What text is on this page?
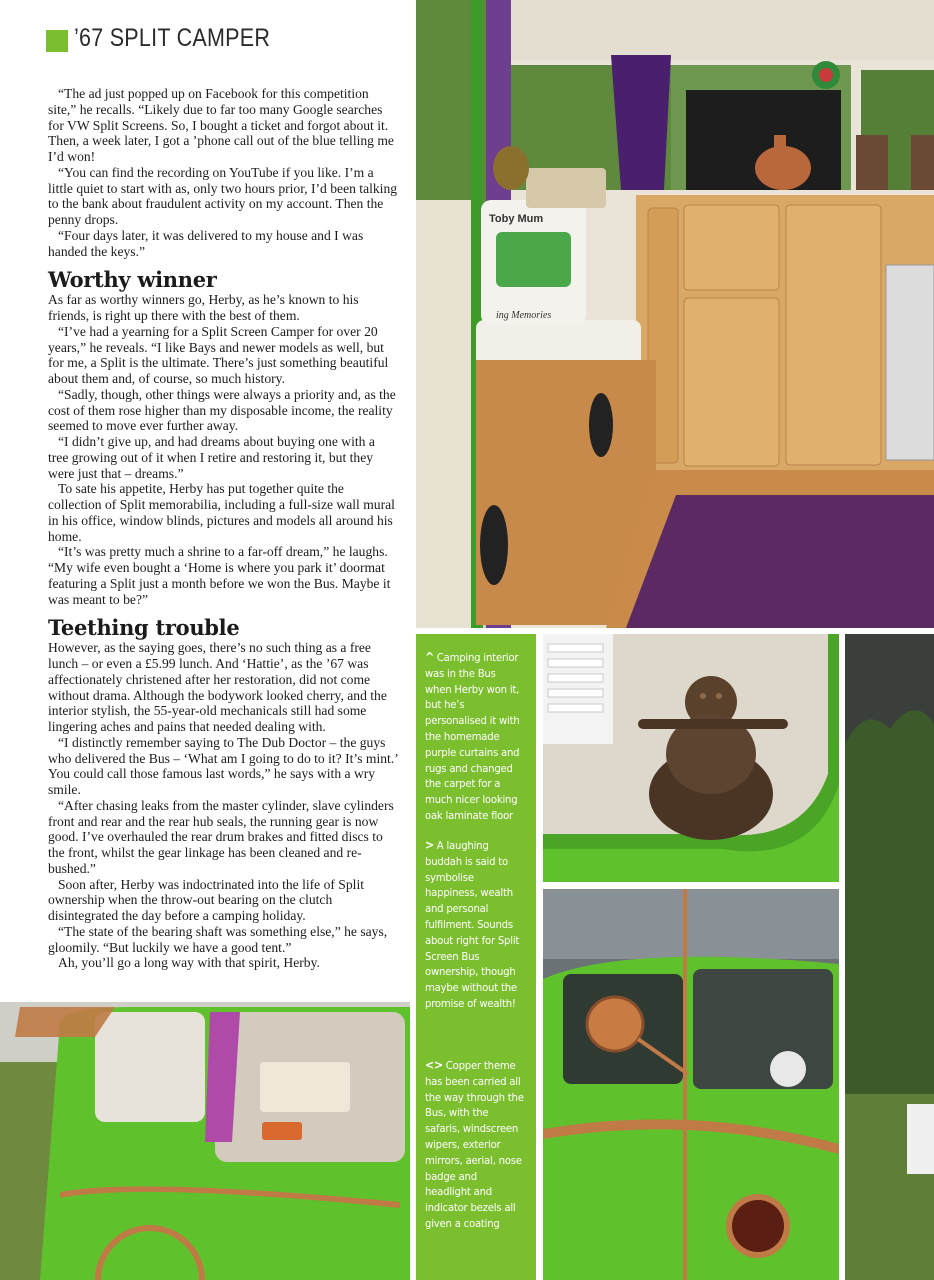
’67 SPLIT CAMPER

“The ad just popped up on Facebook for this competition site,” he recalls. “Likely due to far too many Google searches for VW Split Screens. So, I bought a ticket and forgot about it. Then, a week later, I got a ’phone call out of the blue telling me I’d won!

“You can find the recording on YouTube if you like. I’m a little quiet to start with as, only two hours prior, I’d been talking to the bank about fraudulent activity on my account. Then the penny drops.

“Four days later, it was delivered to my house and I was handed the keys.”

Worthy winner

As far as worthy winners go, Herby, as he’s known to his friends, is right up there with the best of them.

“I’ve had a yearning for a Split Screen Camper for over 20 years,” he reveals. “I like Bays and newer models as well, but for me, a Split is the ultimate. There’s just something beautiful about them and, of course, so much history.

“Sadly, though, other things were always a priority and, as the cost of them rose higher than my disposable income, the reality seemed to move ever further away.

“I didn’t give up, and had dreams about buying one with a tree growing out of it when I retire and restoring it, but they were just that – dreams.”

To sate his appetite, Herby has put together quite the collection of Split memorabilia, including a full-size wall mural in his office, window blinds, pictures and models all around his home.

“It’s was pretty much a shrine to a far-off dream,” he laughs. “My wife even bought a ‘Home is where you park it’ doormat featuring a Split just a month before we won the Bus. Maybe it was meant to be?”

Teething trouble

However, as the saying goes, there’s no such thing as a free lunch – or even a £5.99 lunch. And ‘Hattie’, as the ’67 was affectionately christened after her restoration, did not come without drama. Although the bodywork looked cherry, and the interior stylish, the 55-year-old mechanicals still had some lingering aches and pains that needed dealing with.

“I distinctly remember saying to The Dub Doctor – the guys who delivered the Bus – ‘What am I going to do to it? It’s mint.’ You could call those famous last words,” he says with a wry smile.

“After chasing leaks from the master cylinder, slave cylinders front and rear and the rear hub seals, the running gear is now good. I’ve overhauled the rear drum brakes and fitted discs to the front, whilst the gear linkage has been cleaned and re-bushed.”

Soon after, Herby was indoctrinated into the life of Split ownership when the throw-out bearing on the clutch disintegrated the day before a camping holiday.

“The state of the bearing shaft was something else,” he says, gloomily. “But luckily we have a good tent.”

Ah, you’ll go a long way with that spirit, Herby.

Toby Mum
ing Memories
^ Camping interior was in the Bus when Herby won it, but he’s personalised it with the homemade purple curtains and rugs and changed the carpet for a much nicer looking oak laminate floor
> A laughing buddah is said to symbolise happiness, wealth and personal fulfilment. Sounds about right for Split Screen Bus ownership, though maybe without the promise of wealth!
<> Copper theme has been carried all the way through the Bus, with the safaris, windscreen wipers, exterior mirrors, aerial, nose badge and headlight and indicator bezels all given a coating
